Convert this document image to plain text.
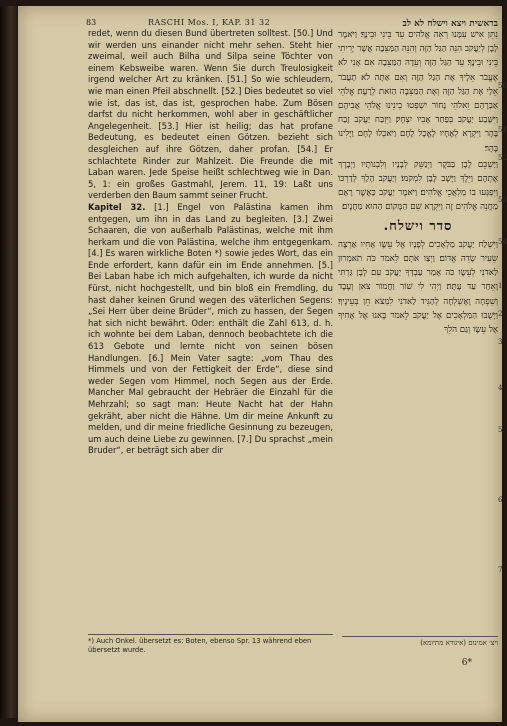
83	RASCHI Mos. I, KAP. 31 32	בראשית ויצא וישלח לא לב

redet, wenn du diesen Bund übertreten solltest. [50.] Und wir werden uns einander nicht mehr sehen. Steht hier zweimal, weil auch Bilha und Silpa seine Töchter von einem Kebsweibe waren. Wenn Sie durch Treulosigkeit irgend welcher Art zu kränken. [51.] So wie schleudern, wie man einen Pfeil abschnellt. [52.] Dies bedeutet so viel wie ist, das ist, das ist, gesprochen habe. Zum Bösen darfst du nicht herkommen, wohl aber in geschäftlicher Angelegenheit. [53.] Hier ist heilig; das hat profane Bedeutung, es bedeutet einen Götzen. bezieht sich desgleichen auf ihre Götzen, daher profan. [54.] Er schlachtete Rinder zur Mahlzeit. Die Freunde die mit Laban waren. Jede Speise heißt schlechtweg wie in Dan. 5, 1: ein großes Gastmahl, Jerem. 11, 19: Laßt uns verderben den Baum sammt seiner Frucht.

Kapitel 32. [1.] Engel von Palästina kamen ihm entgegen, um ihn in das Land zu begleiten. [3.] Zwei Schaaren, die von außerhalb Palästinas, welche mit ihm herkam und die von Palästina, welche ihm entgegenkam. [4.] Es waren wirkliche Boten *) sowie jedes Wort, das ein Ende erfordert, kann dafür ein im Ende annehmen. [5.] Bei Laban habe ich mich aufgehalten, ich wurde da nicht Fürst, nicht hochgestellt, und bin bloß ein Fremdling, du hast daher keinen Grund wegen des väterlichen Segens: „Sei Herr über deine Brüder“, mich zu hassen, der Segen hat sich nicht bewährt. Oder: enthält die Zahl 613, d. h. ich wohnte bei dem Laban, dennoch beobachtete ich die 613 Gebote und lernte nicht von seinen bösen Handlungen. [6.] Mein Vater sagte: „vom Thau des Himmels und von der Fettigkeit der Erde“, diese sind weder Segen vom Himmel, noch Segen aus der Erde. Mancher Mal gebraucht der Hebräer die Einzahl für die Mehrzahl; so sagt man: Heute Nacht hat der Hahn gekräht, aber nicht die Hähne. Um dir meine Ankunft zu melden, und dir meine friedliche Gesinnung zu bezeugen, um auch deine Liebe zu gewinnen. [7.] Du sprachst „mein Bruder“, er beträgt sich aber dir

*) Auch Onkel. übersetzt es: Boten, ebenso Spr. 13 während eben übersetzt wurde.

נִתֵּן אִישׁ עִמָּנוּ רְאֵה אֱלֹהִים עֵד בֵּינִי וּבֵינֶךָ׃ וַיֹּאמֶר לָבָן לְיַעֲקֹב הִנֵּה הַגַּל הַזֶּה וְהִנֵּה הַמַּצֵּבָה אֲשֶׁר יָרִיתִי בֵּינִי וּבֵינֶךָ׃ עֵד הַגַּל הַזֶּה וְעֵדָה הַמַּצֵּבָה אִם אָנִי לֹא אֶעֱבֹר אֵלֶיךָ אֶת הַגַּל הַזֶּה וְאִם אַתָּה לֹא תַעֲבֹר אֵלַי אֶת הַגַּל הַזֶּה וְאֶת הַמַּצֵּבָה הַזֹּאת לְרָעָה׃ אֱלֹהֵי אַבְרָהָם וֵאלֹהֵי נָחוֹר יִשְׁפְּטוּ בֵינֵינוּ אֱלֹהֵי אֲבִיהֶם וַיִּשָּׁבַע יַעֲקֹב בְּפַחַד אָבִיו יִצְחָק׃ וַיִּזְבַּח יַעֲקֹב זֶבַח בָּהָר וַיִּקְרָא לְאֶחָיו לֶאֱכָל לָחֶם וַיֹּאכְלוּ לֶחֶם וַיָּלִינוּ בָּהָר׃

וַיַּשְׁכֵּם לָבָן בַּבֹּקֶר וַיְנַשֵּׁק לְבָנָיו וְלִבְנוֹתָיו וַיְבָרֶךְ אֶתְהֶם וַיֵּלֶךְ וַיָּשָׁב לָבָן לִמְקֹמוֹ׃ וְיַעֲקֹב הָלַךְ לְדַרְכּוֹ וַיִּפְגְּעוּ בוֹ מַלְאֲכֵי אֱלֹהִים׃ וַיֹּאמֶר יַעֲקֹב כַּאֲשֶׁר רָאָם מַחֲנֵה אֱלֹהִים זֶה וַיִּקְרָא שֵׁם הַמָּקוֹם הַהוּא מַחֲנָיִם׃

סדר וישלח.

וַיִּשְׁלַח יַעֲקֹב מַלְאָכִים לְפָנָיו אֶל עֵשָׂו אָחִיו אַרְצָה שֵׂעִיר שְׂדֵה אֱדוֹם׃ וַיְצַו אֹתָם לֵאמֹר כֹּה תֹאמְרוּן לַאדֹנִי לְעֵשָׂו כֹּה אָמַר עַבְדְּךָ יַעֲקֹב עִם לָבָן גַּרְתִּי וָאֵחַר עַד עָתָּה׃ וַיְהִי לִי שׁוֹר וַחֲמוֹר צֹאן וְעֶבֶד וְשִׁפְחָה וָאֶשְׁלְחָה לְהַגִּיד לַאדֹנִי לִמְצֹא חֵן בְּעֵינֶיךָ׃ וַיָּשֻׁבוּ הַמַּלְאָכִים אֶל יַעֲקֹב לֵאמֹר בָּאנוּ אֶל אָחִיךָ אֶל עֵשָׂו וְגַם הֹלֵךְ

ויצ׳ אמינום (איגודא מתיומא)
6*
50
51
52
53
54
1
2
3
4
5
6
7
